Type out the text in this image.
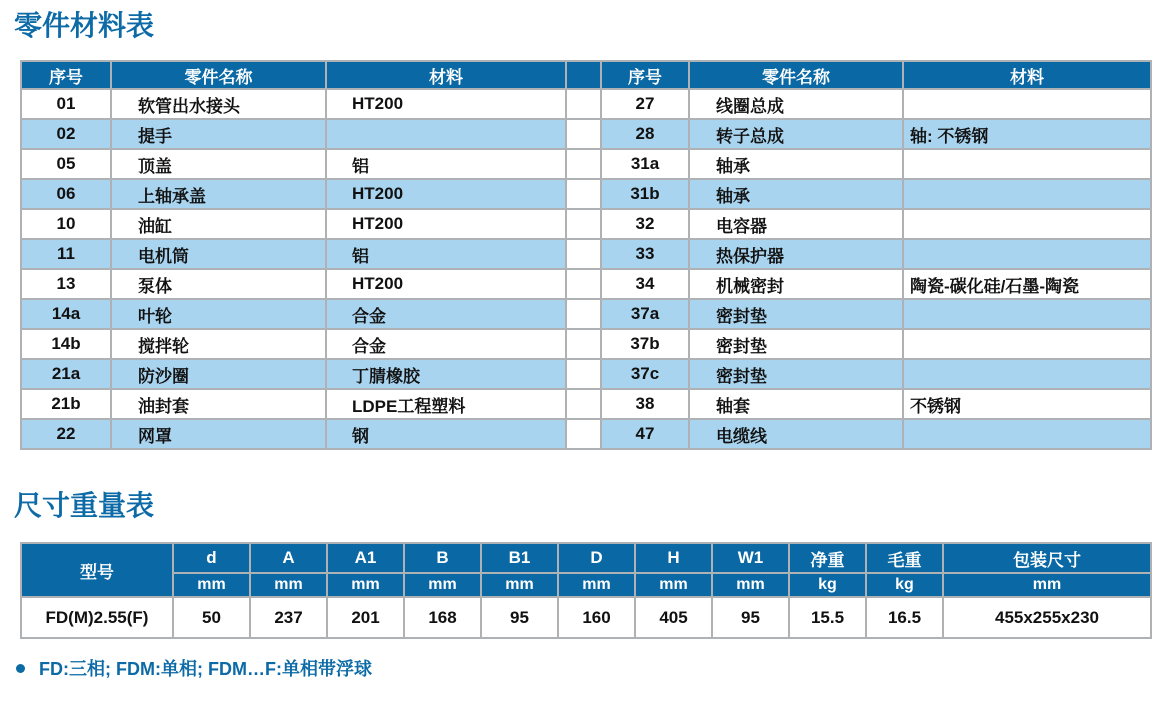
零件材料表
序号	零件名称	材料		序号	零件名称	材料
01	软管出水接头	HT200		27	线圈总成	
02	提手			28	转子总成	轴: 不锈钢
05	顶盖	铝		31a	轴承	
06	上轴承盖	HT200		31b	轴承	
10	油缸	HT200		32	电容器	
11	电机筒	铝		33	热保护器	
13	泵体	HT200		34	机械密封	陶瓷-碳化硅/石墨-陶瓷
14a	叶轮	合金		37a	密封垫	
14b	搅拌轮	合金		37b	密封垫	
21a	防沙圈	丁腈橡胶		37c	密封垫	
21b	油封套	LDPE工程塑料		38	轴套	不锈钢
22	网罩	钢		47	电缆线	
尺寸重量表
型号	d	A	A1	B	B1	D	H	W1	净重	毛重	包装尺寸
	mm	mm	mm	mm	mm	mm	mm	mm	kg	kg	mm
FD(M)2.55(F)	50	237	201	168	95	160	405	95	15.5	16.5	455x255x230
FD:三相; FDM:单相; FDM…F:单相带浮球
